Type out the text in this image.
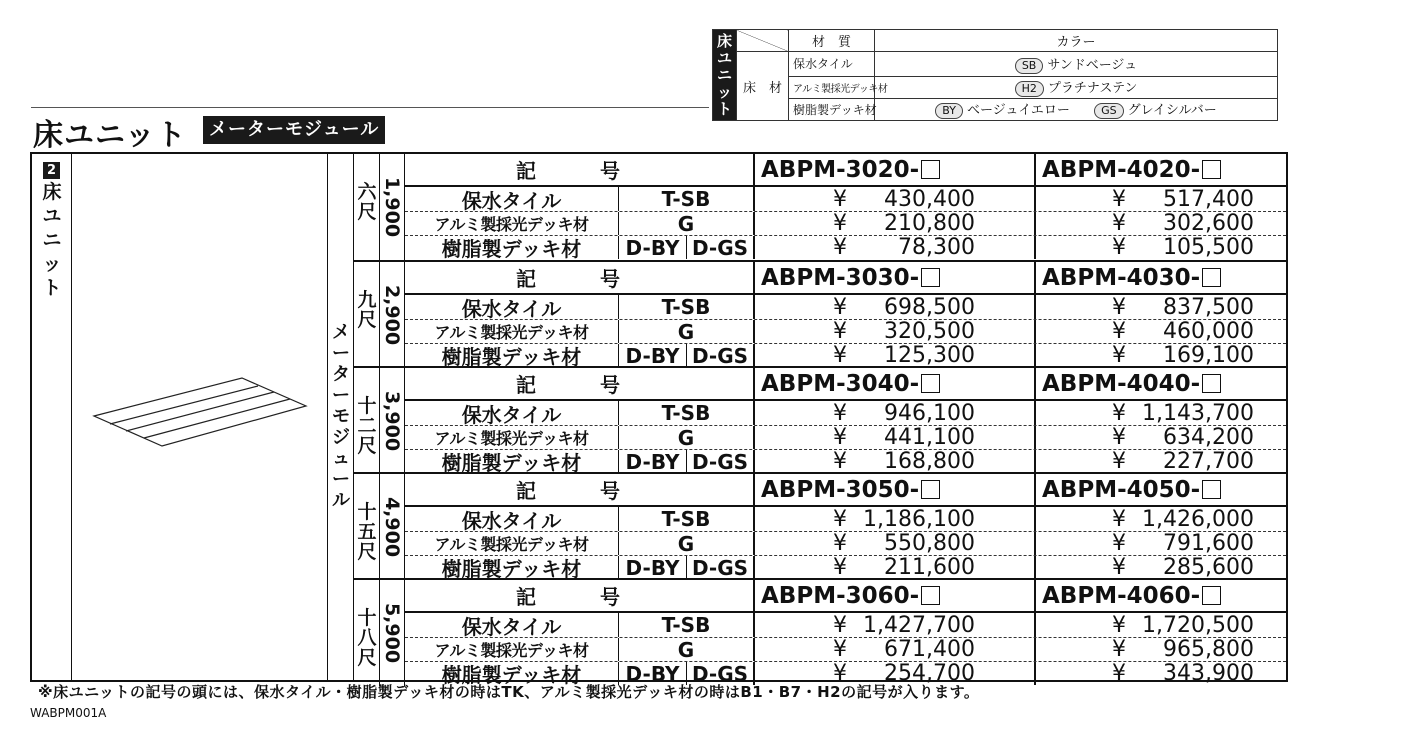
床ユニット		材　質	カラー
	床　材	保水タイル	SB サンドベージュ
		アルミ製採光デッキ材	H2 プラチナステン
		樹脂製デッキ材	BY ベージュイエロー GS グレイシルバー
床ユニット	メーターモジュール
2
床ユニット
メーターモジュール
六尺 1,900
記　号	ABPM-3020-	ABPM-4020-
保水タイル	T-SB	¥	430,400	¥	517,400
アルミ製採光デッキ材	G	¥	210,800	¥	302,600
樹脂製デッキ材	D-BY D-GS	¥	78,300	¥	105,500
九尺 2,900
記　号	ABPM-3030-	ABPM-4030-
保水タイル	T-SB	¥	698,500	¥	837,500
アルミ製採光デッキ材	G	¥	320,500	¥	460,000
樹脂製デッキ材	D-BY D-GS	¥	125,300	¥	169,100
十二尺 3,900
記　号	ABPM-3040-	ABPM-4040-
保水タイル	T-SB	¥	946,100	¥ 1,143,700
アルミ製採光デッキ材	G	¥	441,100	¥	634,200
樹脂製デッキ材	D-BY D-GS	¥	168,800	¥	227,700
十五尺 4,900
記　号	ABPM-3050-	ABPM-4050-
保水タイル	T-SB	¥ 1,186,100	¥ 1,426,000
アルミ製採光デッキ材	G	¥	550,800	¥	791,600
樹脂製デッキ材	D-BY D-GS	¥	211,600	¥	285,600
十八尺 5,900
記　号	ABPM-3060-	ABPM-4060-
保水タイル	T-SB	¥ 1,427,700	¥ 1,720,500
アルミ製採光デッキ材	G	¥	671,400	¥	965,800
樹脂製デッキ材	D-BY D-GS	¥	254,700	¥	343,900
※床ユニットの記号の頭には、保水タイル・樹脂製デッキ材の時はTK、アルミ製採光デッキ材の時はB1・B7・H2の記号が入ります。
WABPM001A
